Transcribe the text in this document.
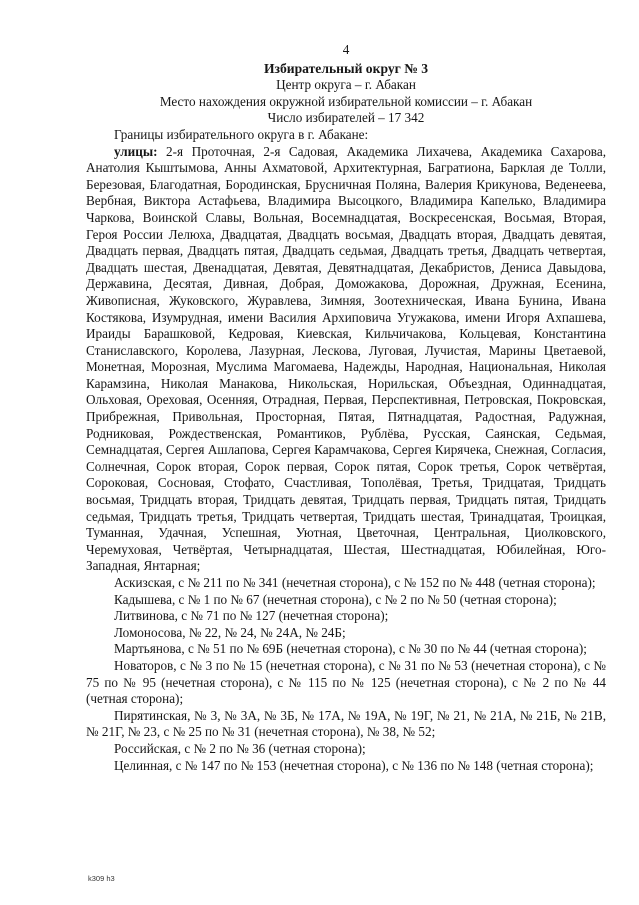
4
Избирательный округ № 3
Центр округа – г. Абакан
Место нахождения окружной избирательной комиссии – г. Абакан
Число избирателей – 17 342
Границы избирательного округа в г. Абакане:
улицы: 2-я Проточная, 2-я Садовая, Академика Лихачева, Академика Сахарова, Анатолия Кыштымова, Анны Ахматовой, Архитектурная, Багратиона, Барклая де Толли, Березовая, Благодатная, Бородинская, Брусничная Поляна, Валерия Крикунова, Веденеева, Вербная, Виктора Астафьева, Владимира Высоцкого, Владимира Капелько, Владимира Чаркова, Воинской Славы, Вольная, Восемнадцатая, Воскресенская, Восьмая, Вторая, Героя России Лелюха, Двадцатая, Двадцать восьмая, Двадцать вторая, Двадцать девятая, Двадцать первая, Двадцать пятая, Двадцать седьмая, Двадцать третья, Двадцать четвертая, Двадцать шестая, Двенадцатая, Девятая, Девятнадцатая, Декабристов, Дениса Давыдова, Державина, Десятая, Дивная, Добрая, Доможакова, Дорожная, Дружная, Есенина, Живописная, Жуковского, Журавлева, Зимняя, Зоотехническая, Ивана Бунина, Ивана Костякова, Изумрудная, имени Василия Архиповича Угужакова, имени Игоря Ахпашева, Ираиды Барашковой, Кедровая, Киевская, Кильчичакова, Кольцевая, Константина Станиславского, Королева, Лазурная, Лескова, Луговая, Лучистая, Марины Цветаевой, Монетная, Морозная, Муслима Магомаева, Надежды, Народная, Национальная, Николая Карамзина, Николая Манакова, Никольская, Норильская, Объездная, Одиннадцатая, Ольховая, Ореховая, Осенняя, Отрадная, Первая, Перспективная, Петровская, Покровская, Прибрежная, Привольная, Просторная, Пятая, Пятнадцатая, Радостная, Радужная, Родниковая, Рождественская, Романтиков, Рублёва, Русская, Саянская, Седьмая, Семнадцатая, Сергея Ашлапова, Сергея Карамчакова, Сергея Кирячека, Снежная, Согласия, Солнечная, Сорок вторая, Сорок первая, Сорок пятая, Сорок третья, Сорок четвёртая, Сороковая, Сосновая, Стофато, Счастливая, Тополёвая, Третья, Тридцатая, Тридцать восьмая, Тридцать вторая, Тридцать девятая, Тридцать первая, Тридцать пятая, Тридцать седьмая, Тридцать третья, Тридцать четвертая, Тридцать шестая, Тринадцатая, Троицкая, Туманная, Удачная, Успешная, Уютная, Цветочная, Центральная, Циолковского, Черемуховая, Четвёртая, Четырнадцатая, Шестая, Шестнадцатая, Юбилейная, Юго-Западная, Янтарная;
Аскизская, с № 211 по № 341 (нечетная сторона), с № 152 по № 448 (четная сторона);
Кадышева, с № 1 по № 67 (нечетная сторона), с № 2 по № 50 (четная сторона);
Литвинова, с № 71 по № 127 (нечетная сторона);
Ломоносова, № 22, № 24, № 24А, № 24Б;
Мартьянова, с № 51 по № 69Б (нечетная сторона), с № 30 по № 44 (четная сторона);
Новаторов, с № 3 по № 15 (нечетная сторона), с № 31 по № 53 (нечетная сторона), с № 75 по № 95 (нечетная сторона), с № 115 по № 125 (нечетная сторона), с № 2 по № 44 (четная сторона);
Пирятинская, № 3, № 3А, № 3Б, № 17А, № 19А, № 19Г, № 21, № 21А, № 21Б, № 21В, № 21Г, № 23, с № 25 по № 31 (нечетная сторона), № 38, № 52;
Российская, с № 2 по № 36 (четная сторона);
Целинная, с № 147 по № 153 (нечетная сторона), с № 136 по № 148 (четная сторона);
k309 h3
